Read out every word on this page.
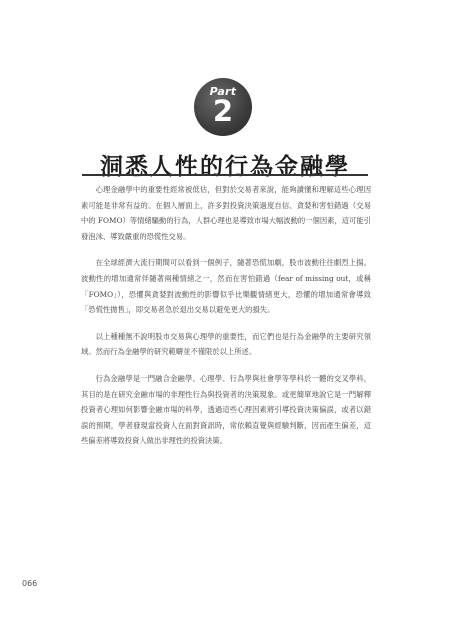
Part
2
洞悉人性的行為金融學

心理金融學中的重要性經常被低估，但對於交易者來說，能夠讀懂和理解這些心理因素可能是非常有益的。在個人層面上，許多對投資決策過度自信、貪婪和害怕錯過（交易中的 FOMO）等情緒驅動的行為，人群心理也是導致市場大幅波動的一個因素，這可能引發泡沫、導致嚴重的恐慌性交易。

在全球經濟大流行期間可以看到一個例子，隨著恐慌加劇，股市波動往往劇烈上揚。波動性的增加通常伴隨著兩種情緒之一，然而在害怕錯過（fear of missing out，或稱「FOMO」），恐懼與貪婪對波動性的影響似乎比樂觀情緒更大，恐懼的增加通常會導致「恐慌性拋售」，即交易者急於退出交易以避免更大的損失。

以上種種無不說明股市交易與心理學的重要性，而它們也是行為金融學的主要研究領域。然而行為金融學的研究範疇並不僅限於以上所述。

行為金融學是一門融合金融學、心理學、行為學與社會學等學科於一體的交叉學科，其目的是在研究金融市場的非理性行為與投資者的決策現象。或更簡單地說它是一門解釋投資者心理如何影響金融市場的科學，透過這些心理因素將引導投資決策偏誤，或者以錯誤的預期，學者發現當投資人在面對資訊時，常依賴直覺與經驗判斷，因而產生偏差，這些偏差將導致投資人做出非理性的投資決策。

066
